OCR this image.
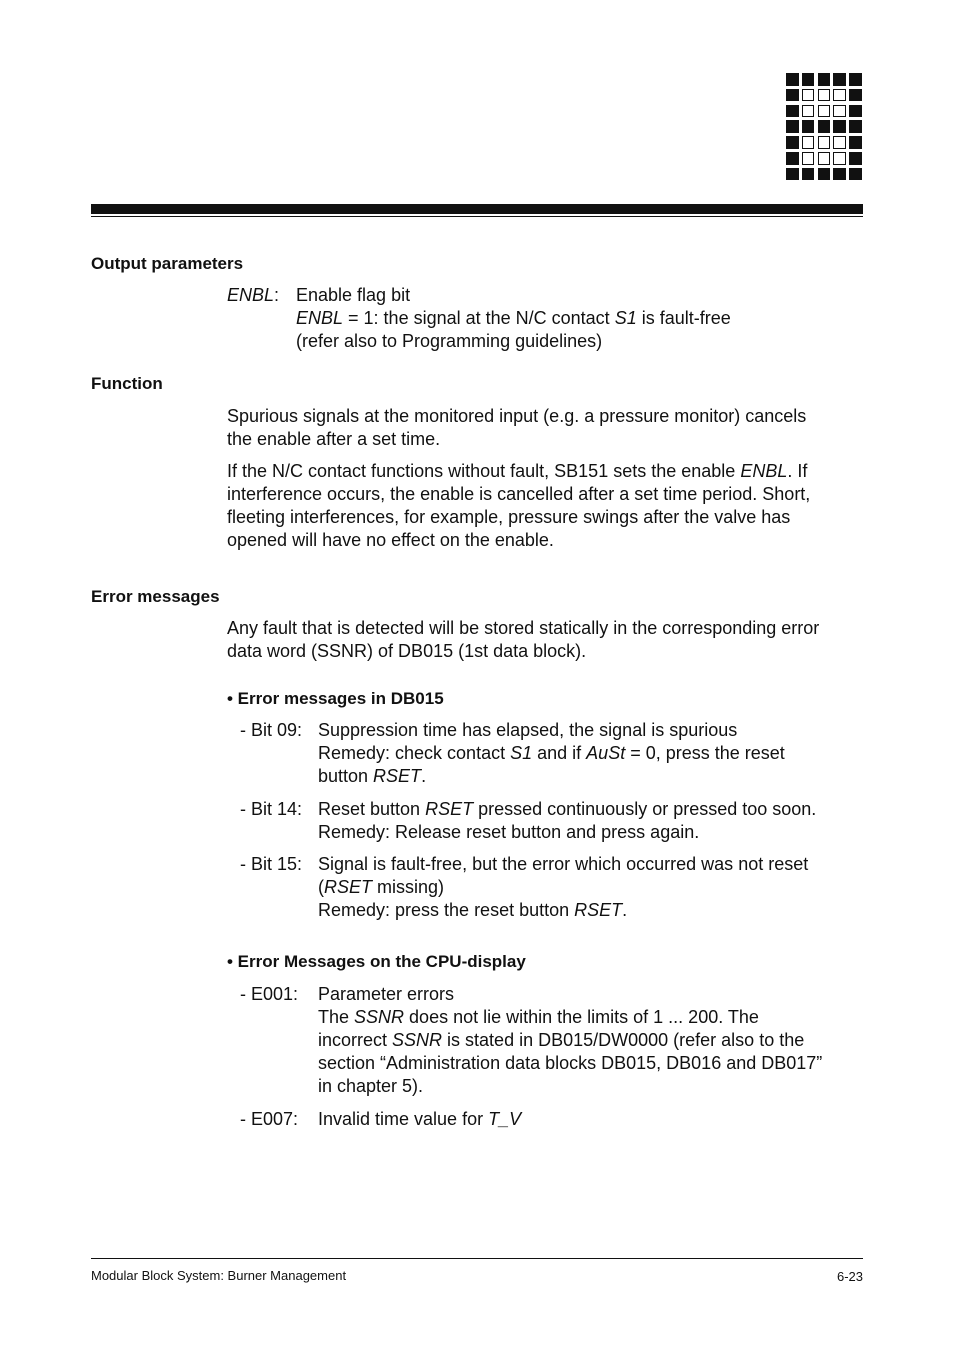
Output parameters
ENBL: Enable flag bit
ENBL = 1: the signal at the N/C contact S1 is fault-free
(refer also to Programming guidelines)
Function
Spurious signals at the monitored input (e.g. a pressure monitor) cancels
the enable after a set time.
If the N/C contact functions without fault, SB151 sets the enable ENBL. If
interference occurs, the enable is cancelled after a set time period. Short,
fleeting interferences, for example, pressure swings after the valve has
opened will have no effect on the enable.
Error messages
Any fault that is detected will be stored statically in the corresponding error
data word (SSNR) of DB015 (1st data block).
• Error messages in DB015
- Bit 09: Suppression time has elapsed, the signal is spurious
Remedy: check contact S1 and if AuSt = 0, press the reset
button RSET.
- Bit 14: Reset button RSET pressed continuously or pressed too soon.
Remedy: Release reset button and press again.
- Bit 15: Signal is fault-free, but the error which occurred was not reset
(RSET missing)
Remedy: press the reset button RSET.
• Error Messages on the CPU-display
- E001: Parameter errors
The SSNR does not lie within the limits of 1 ... 200. The
incorrect SSNR is stated in DB015/DW0000 (refer also to the
section “Administration data blocks DB015, DB016 and DB017”
in chapter 5).
- E007: Invalid time value for T_V
Modular Block System: Burner Management	6-23
